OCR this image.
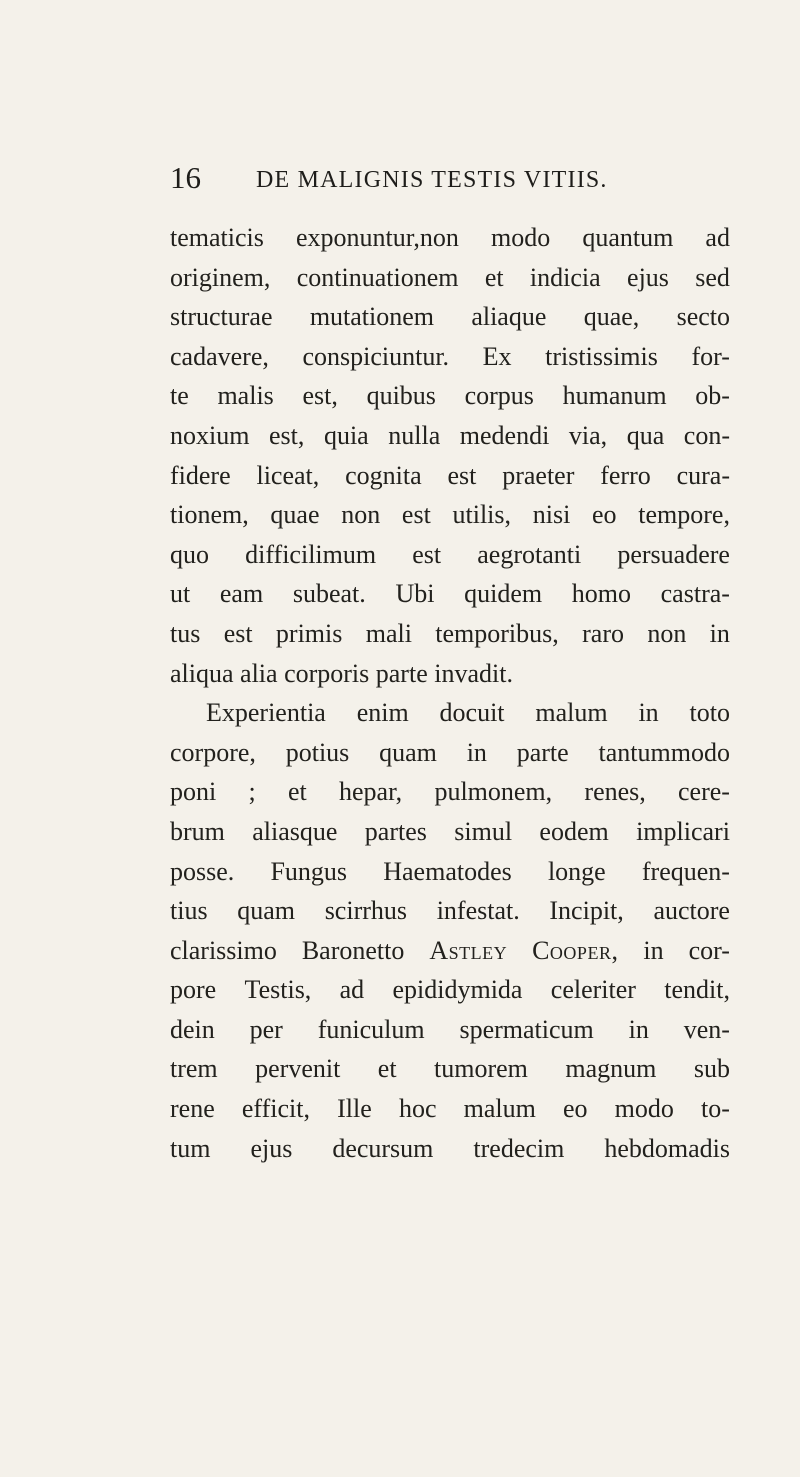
16 DE MALIGNIS TESTIS VITIIS.
tematicis exponuntur,non modo quantum ad
originem, continuationem et indicia ejus sed
structurae mutationem aliaque quae, secto
cadavere, conspiciuntur. Ex tristissimis for-
te malis est, quibus corpus humanum ob-
noxium est, quia nulla medendi via, qua con-
fidere liceat, cognita est praeter ferro cura-
tionem, quae non est utilis, nisi eo tempore,
quo difficilimum est aegrotanti persuadere
ut eam subeat. Ubi quidem homo castra-
tus est primis mali temporibus, raro non in
aliqua
alia
corporis
parte
invadit.
Experientia enim docuit malum in toto
corpore, potius quam in parte tantummodo
poni ; et hepar, pulmonem, renes, cere-
brum aliasque partes simul eodem implicari
posse. Fungus Haematodes longe frequen-
tius quam scirrhus infestat. Incipit, auctore
clarissimo Baronetto Astley Cooper, in cor-
pore Testis, ad epididymida celeriter tendit,
dein per funiculum spermaticum in ven-
trem pervenit et tumorem magnum sub
rene efficit, Ille hoc malum eo modo to-
tum ejus decursum tredecim hebdomadis
